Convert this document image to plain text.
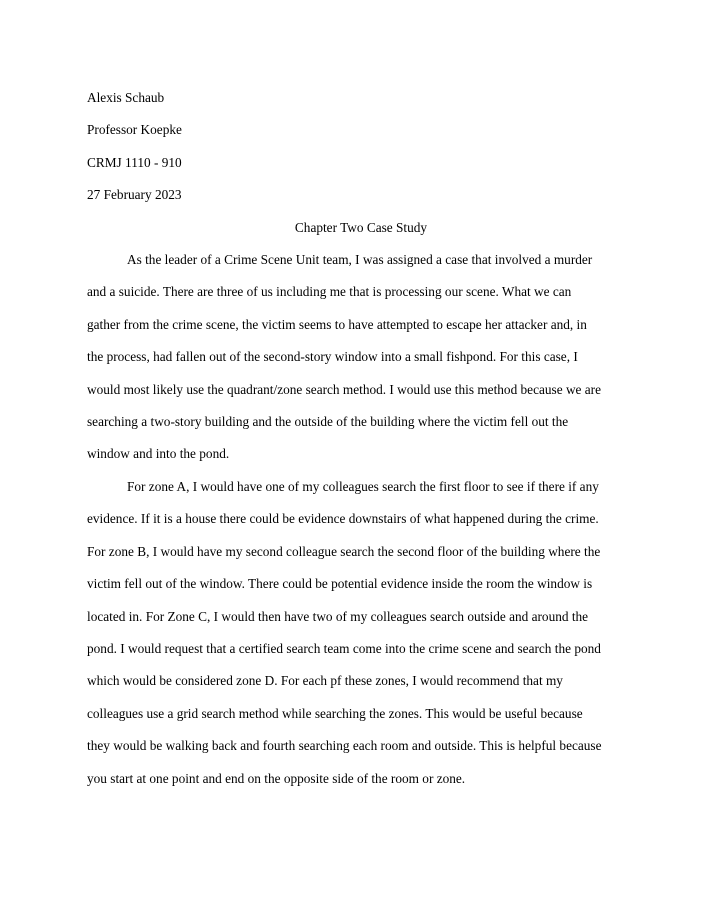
Alexis Schaub
Professor Koepke
CRMJ 1110 - 910
27 February 2023
Chapter Two Case Study

As the leader of a Crime Scene Unit team, I was assigned a case that involved a murder
and a suicide. There are three of us including me that is processing our scene. What we can
gather from the crime scene, the victim seems to have attempted to escape her attacker and, in
the process, had fallen out of the second-story window into a small fishpond. For this case, I
would most likely use the quadrant/zone search method. I would use this method because we are
searching a two-story building and the outside of the building where the victim fell out the
window and into the pond.

For zone A, I would have one of my colleagues search the first floor to see if there if any
evidence. If it is a house there could be evidence downstairs of what happened during the crime.
For zone B, I would have my second colleague search the second floor of the building where the
victim fell out of the window. There could be potential evidence inside the room the window is
located in. For Zone C, I would then have two of my colleagues search outside and around the
pond. I would request that a certified search team come into the crime scene and search the pond
which would be considered zone D. For each pf these zones, I would recommend that my
colleagues use a grid search method while searching the zones. This would be useful because
they would be walking back and fourth searching each room and outside. This is helpful because
you start at one point and end on the opposite side of the room or zone.
